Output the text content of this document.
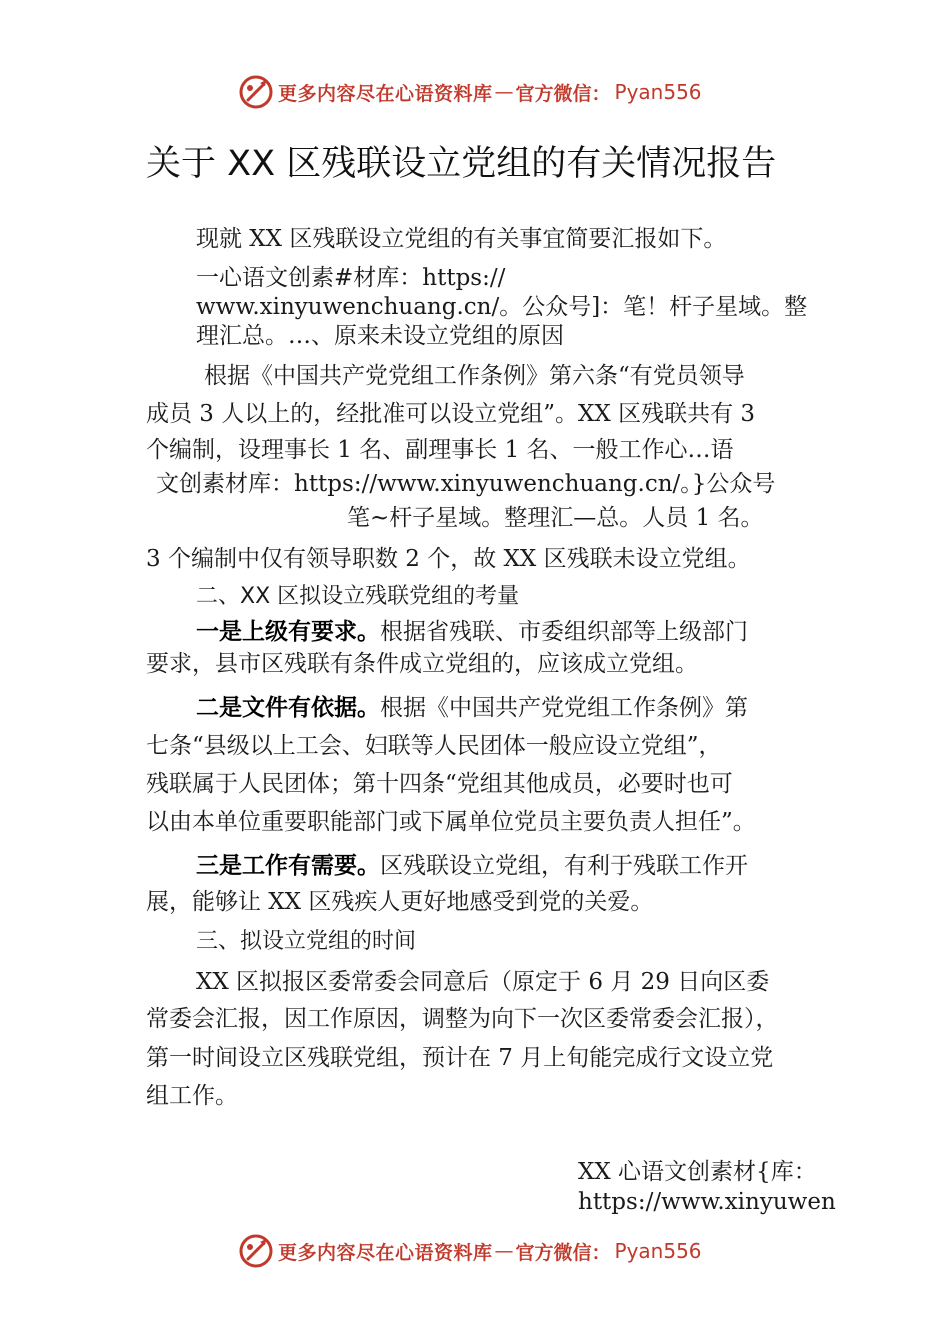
更多内容尽在心语资料库 — 官方微信： Pyan556
关于 XX 区残联设立党组的有关情况报告
现就 XX 区残联设立党组的有关事宜简要汇报如下。
一心语文创素#材库：https://
www.xinyuwenchuang.cn/。公众号]：笔！杆子星域。整
理汇总。…、原来未设立党组的原因
根据《中国共产党党组工作条例》第六条“有党员领导
成员 3 人以上的，经批准可以设立党组”。XX 区残联共有 3
个编制，设理事长 1 名、副理事长 1 名、一般工作心…语
文创素材库：https://www.xinyuwenchuang.cn/。}公众号
笔~杆子星域。整理汇—总。人员 1 名。
3 个编制中仅有领导职数 2 个，故 XX 区残联未设立党组。
二、XX 区拟设立残联党组的考量
一是上级有要求。根据省残联、市委组织部等上级部门
要求，县市区残联有条件成立党组的，应该成立党组。
二是文件有依据。根据《中国共产党党组工作条例》第
七条“县级以上工会、妇联等人民团体一般应设立党组”，
残联属于人民团体；第十四条“党组其他成员，必要时也可
以由本单位重要职能部门或下属单位党员主要负责人担任”。
三是工作有需要。区残联设立党组，有利于残联工作开
展，能够让 XX 区残疾人更好地感受到党的关爱。
三、拟设立党组的时间
XX 区拟报区委常委会同意后（原定于 6 月 29 日向区委
常委会汇报，因工作原因，调整为向下一次区委常委会汇报），
第一时间设立区残联党组，预计在 7 月上旬能完成行文设立党
组工作。
XX 心语文创素材{库：
https://www.xinyuwen
更多内容尽在心语资料库 — 官方微信： Pyan556
